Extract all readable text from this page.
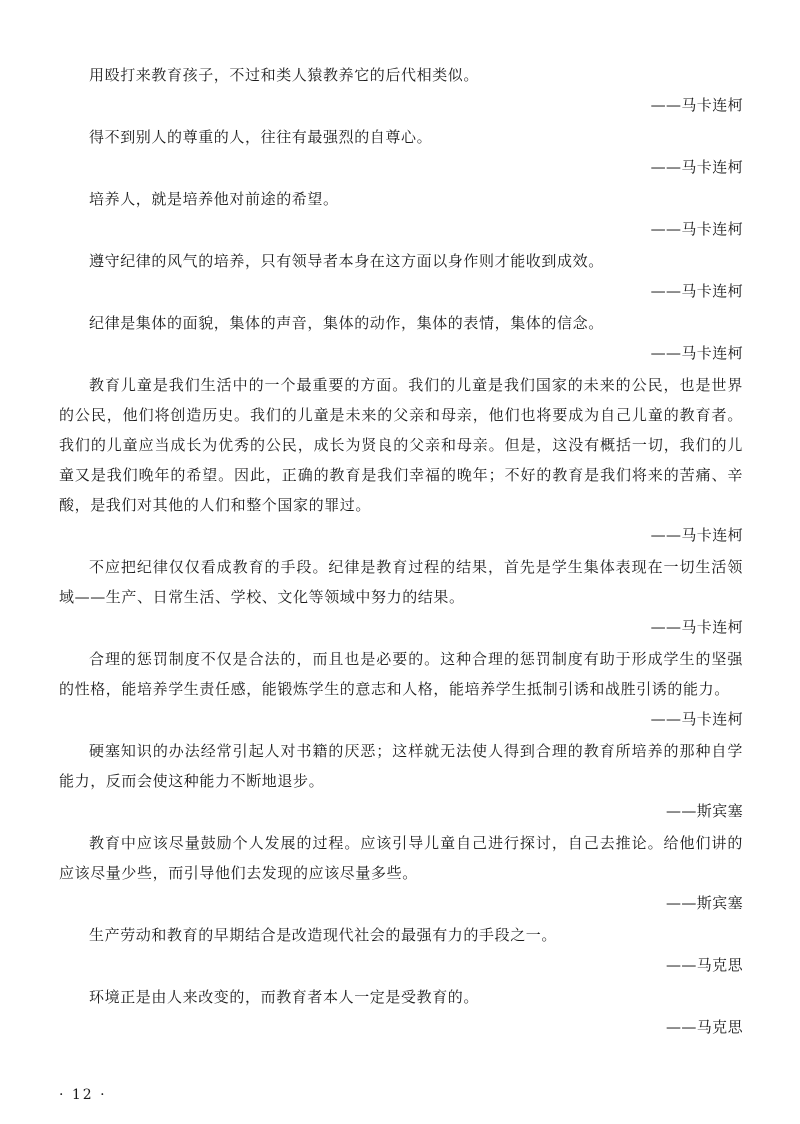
用殴打来教育孩子，不过和类人猿教养它的后代相类似。

——马卡连柯

得不到别人的尊重的人，往往有最强烈的自尊心。

——马卡连柯

培养人，就是培养他对前途的希望。

——马卡连柯

遵守纪律的风气的培养，只有领导者本身在这方面以身作则才能收到成效。

——马卡连柯

纪律是集体的面貌，集体的声音，集体的动作，集体的表情，集体的信念。

——马卡连柯

教育儿童是我们生活中的一个最重要的方面。我们的儿童是我们国家的未来的公民，也是世界的公民，他们将创造历史。我们的儿童是未来的父亲和母亲，他们也将要成为自己儿童的教育者。我们的儿童应当成长为优秀的公民，成长为贤良的父亲和母亲。但是，这没有概括一切，我们的儿童又是我们晚年的希望。因此，正确的教育是我们幸福的晚年；不好的教育是我们将来的苦痛、辛酸，是我们对其他的人们和整个国家的罪过。

——马卡连柯

不应把纪律仅仅看成教育的手段。纪律是教育过程的结果，首先是学生集体表现在一切生活领域——生产、日常生活、学校、文化等领域中努力的结果。

——马卡连柯

合理的惩罚制度不仅是合法的，而且也是必要的。这种合理的惩罚制度有助于形成学生的坚强的性格，能培养学生责任感，能锻炼学生的意志和人格，能培养学生抵制引诱和战胜引诱的能力。

——马卡连柯

硬塞知识的办法经常引起人对书籍的厌恶；这样就无法使人得到合理的教育所培养的那种自学能力，反而会使这种能力不断地退步。

——斯宾塞

教育中应该尽量鼓励个人发展的过程。应该引导儿童自己进行探讨，自己去推论。给他们讲的应该尽量少些，而引导他们去发现的应该尽量多些。

——斯宾塞

生产劳动和教育的早期结合是改造现代社会的最强有力的手段之一。

——马克思

环境正是由人来改变的，而教育者本人一定是受教育的。

——马克思

· 12 ·
